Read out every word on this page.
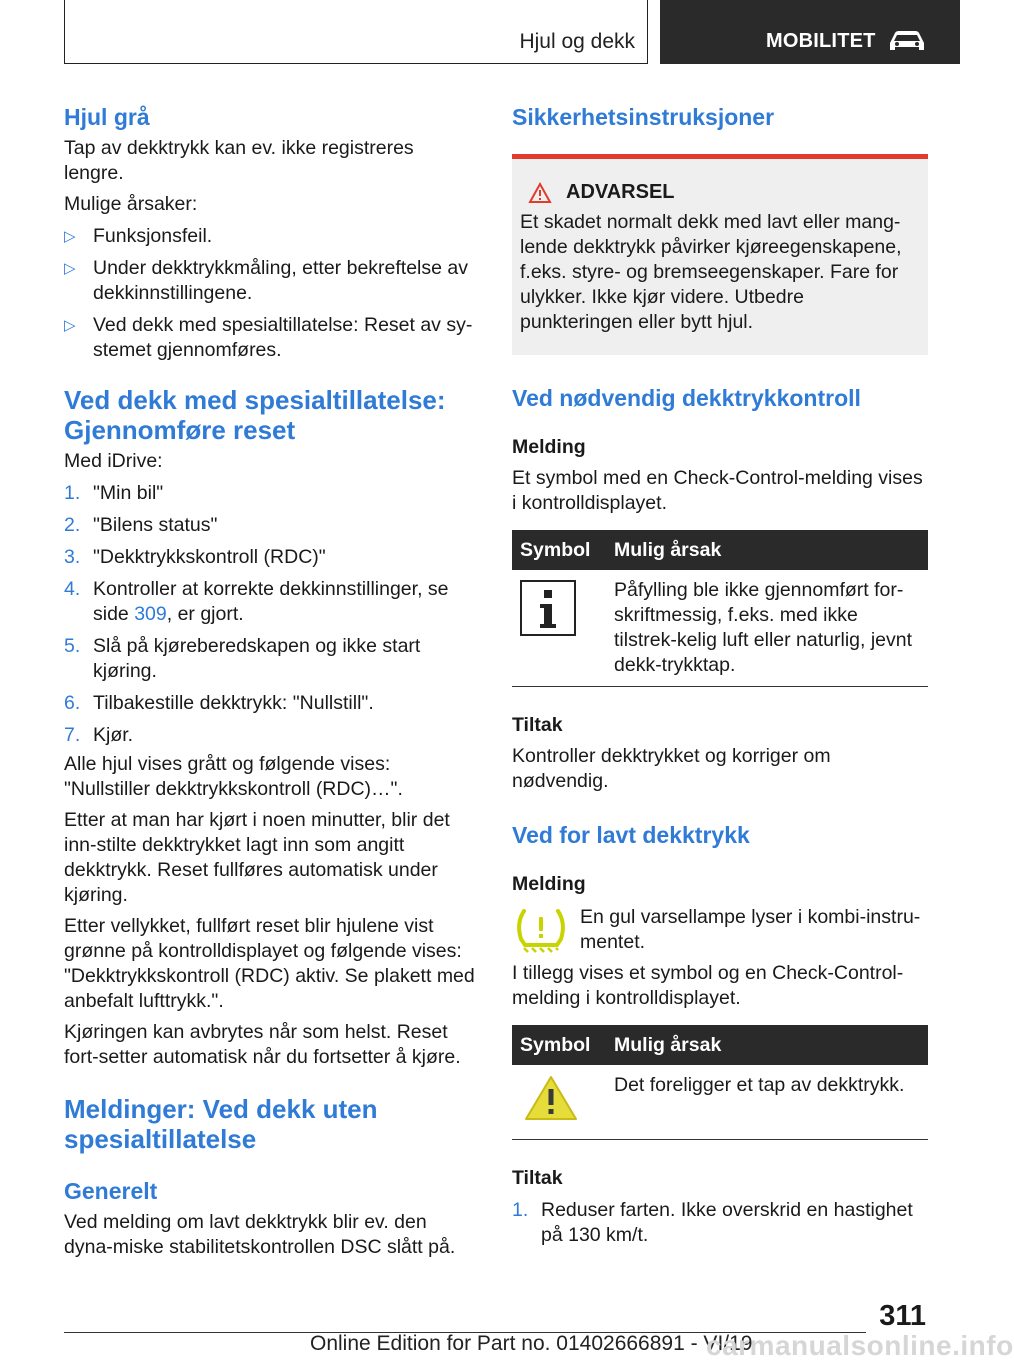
Hjul og dekk	MOBILITET
Hjul grå

Tap av dekktrykk kan ev. ikke registreres lengre.

Mulige årsaker:

▷ Funksjonsfeil.
▷ Under dekktrykkmåling, etter bekreftelse av dekkinnstillingene.
▷ Ved dekk med spesialtillatelse: Reset av sy‐stemet gjennomføres.
Ved dekk med spesialtillatelse: Gjennomføre reset

Med iDrive:

1. "Min bil"
2. "Bilens status"
3. "Dekktrykkskontroll (RDC)"
4. Kontroller at korrekte dekkinnstillinger, se side 309, er gjort.
5. Slå på kjøreberedskapen og ikke start kjøring.
6. Tilbakestille dekktrykk: "Nullstill".
7. Kjør.

Alle hjul vises grått og følgende vises: "Nullstiller dekktrykkskontroll (RDC)…".

Etter at man har kjørt i noen minutter, blir det inn‐stilte dekktrykket lagt inn som angitt dekktrykk. Reset fullføres automatisk under kjøring.

Etter vellykket, fullført reset blir hjulene vist grønne på kontrolldisplayet og følgende vises: "Dekktrykkskontroll (RDC) aktiv. Se plakett med anbefalt lufttrykk.".

Kjøringen kan avbrytes når som helst. Reset fort‐setter automatisk når du fortsetter å kjøre.

Meldinger: Ved dekk uten spesialtillatelse
Generelt

Ved melding om lavt dekktrykk blir ev. den dyna‐miske stabilitetskontrollen DSC slått på.

Sikkerhetsinstruksjoner
ADVARSEL

Et skadet normalt dekk med lavt eller mang‐lende dekktrykk påvirker kjøreegenskapene, f.eks. styre- og bremseegenskaper. Fare for ulykker. Ikke kjør videre. Utbedre punkteringen eller bytt hjul.

Ved nødvendig dekktrykkontroll

Melding

Et symbol med en Check-Control-melding vises i kontrolldisplayet.

Symbol	Mulig årsak
	Påfylling ble ikke gjennomført for‐skriftmessig, f.eks. med ikke tilstrek‐kelig luft eller naturlig, jevnt dekk‐trykktap.

Tiltak

Kontroller dekktrykket og korriger om nødvendig.

Ved for lavt dekktrykk

Melding

En gul varsellampe lyser i kombi-instru‐mentet.

I tillegg vises et symbol og en Check-Control-melding i kontrolldisplayet.

Symbol	Mulig årsak
	Det foreligger et tap av dekktrykk.

Tiltak

1. Reduser farten. Ikke overskrid en hastighet på 130 km/t.
311
Online Edition for Part no. 01402666891 - VI/19
carmanualsonline.info
